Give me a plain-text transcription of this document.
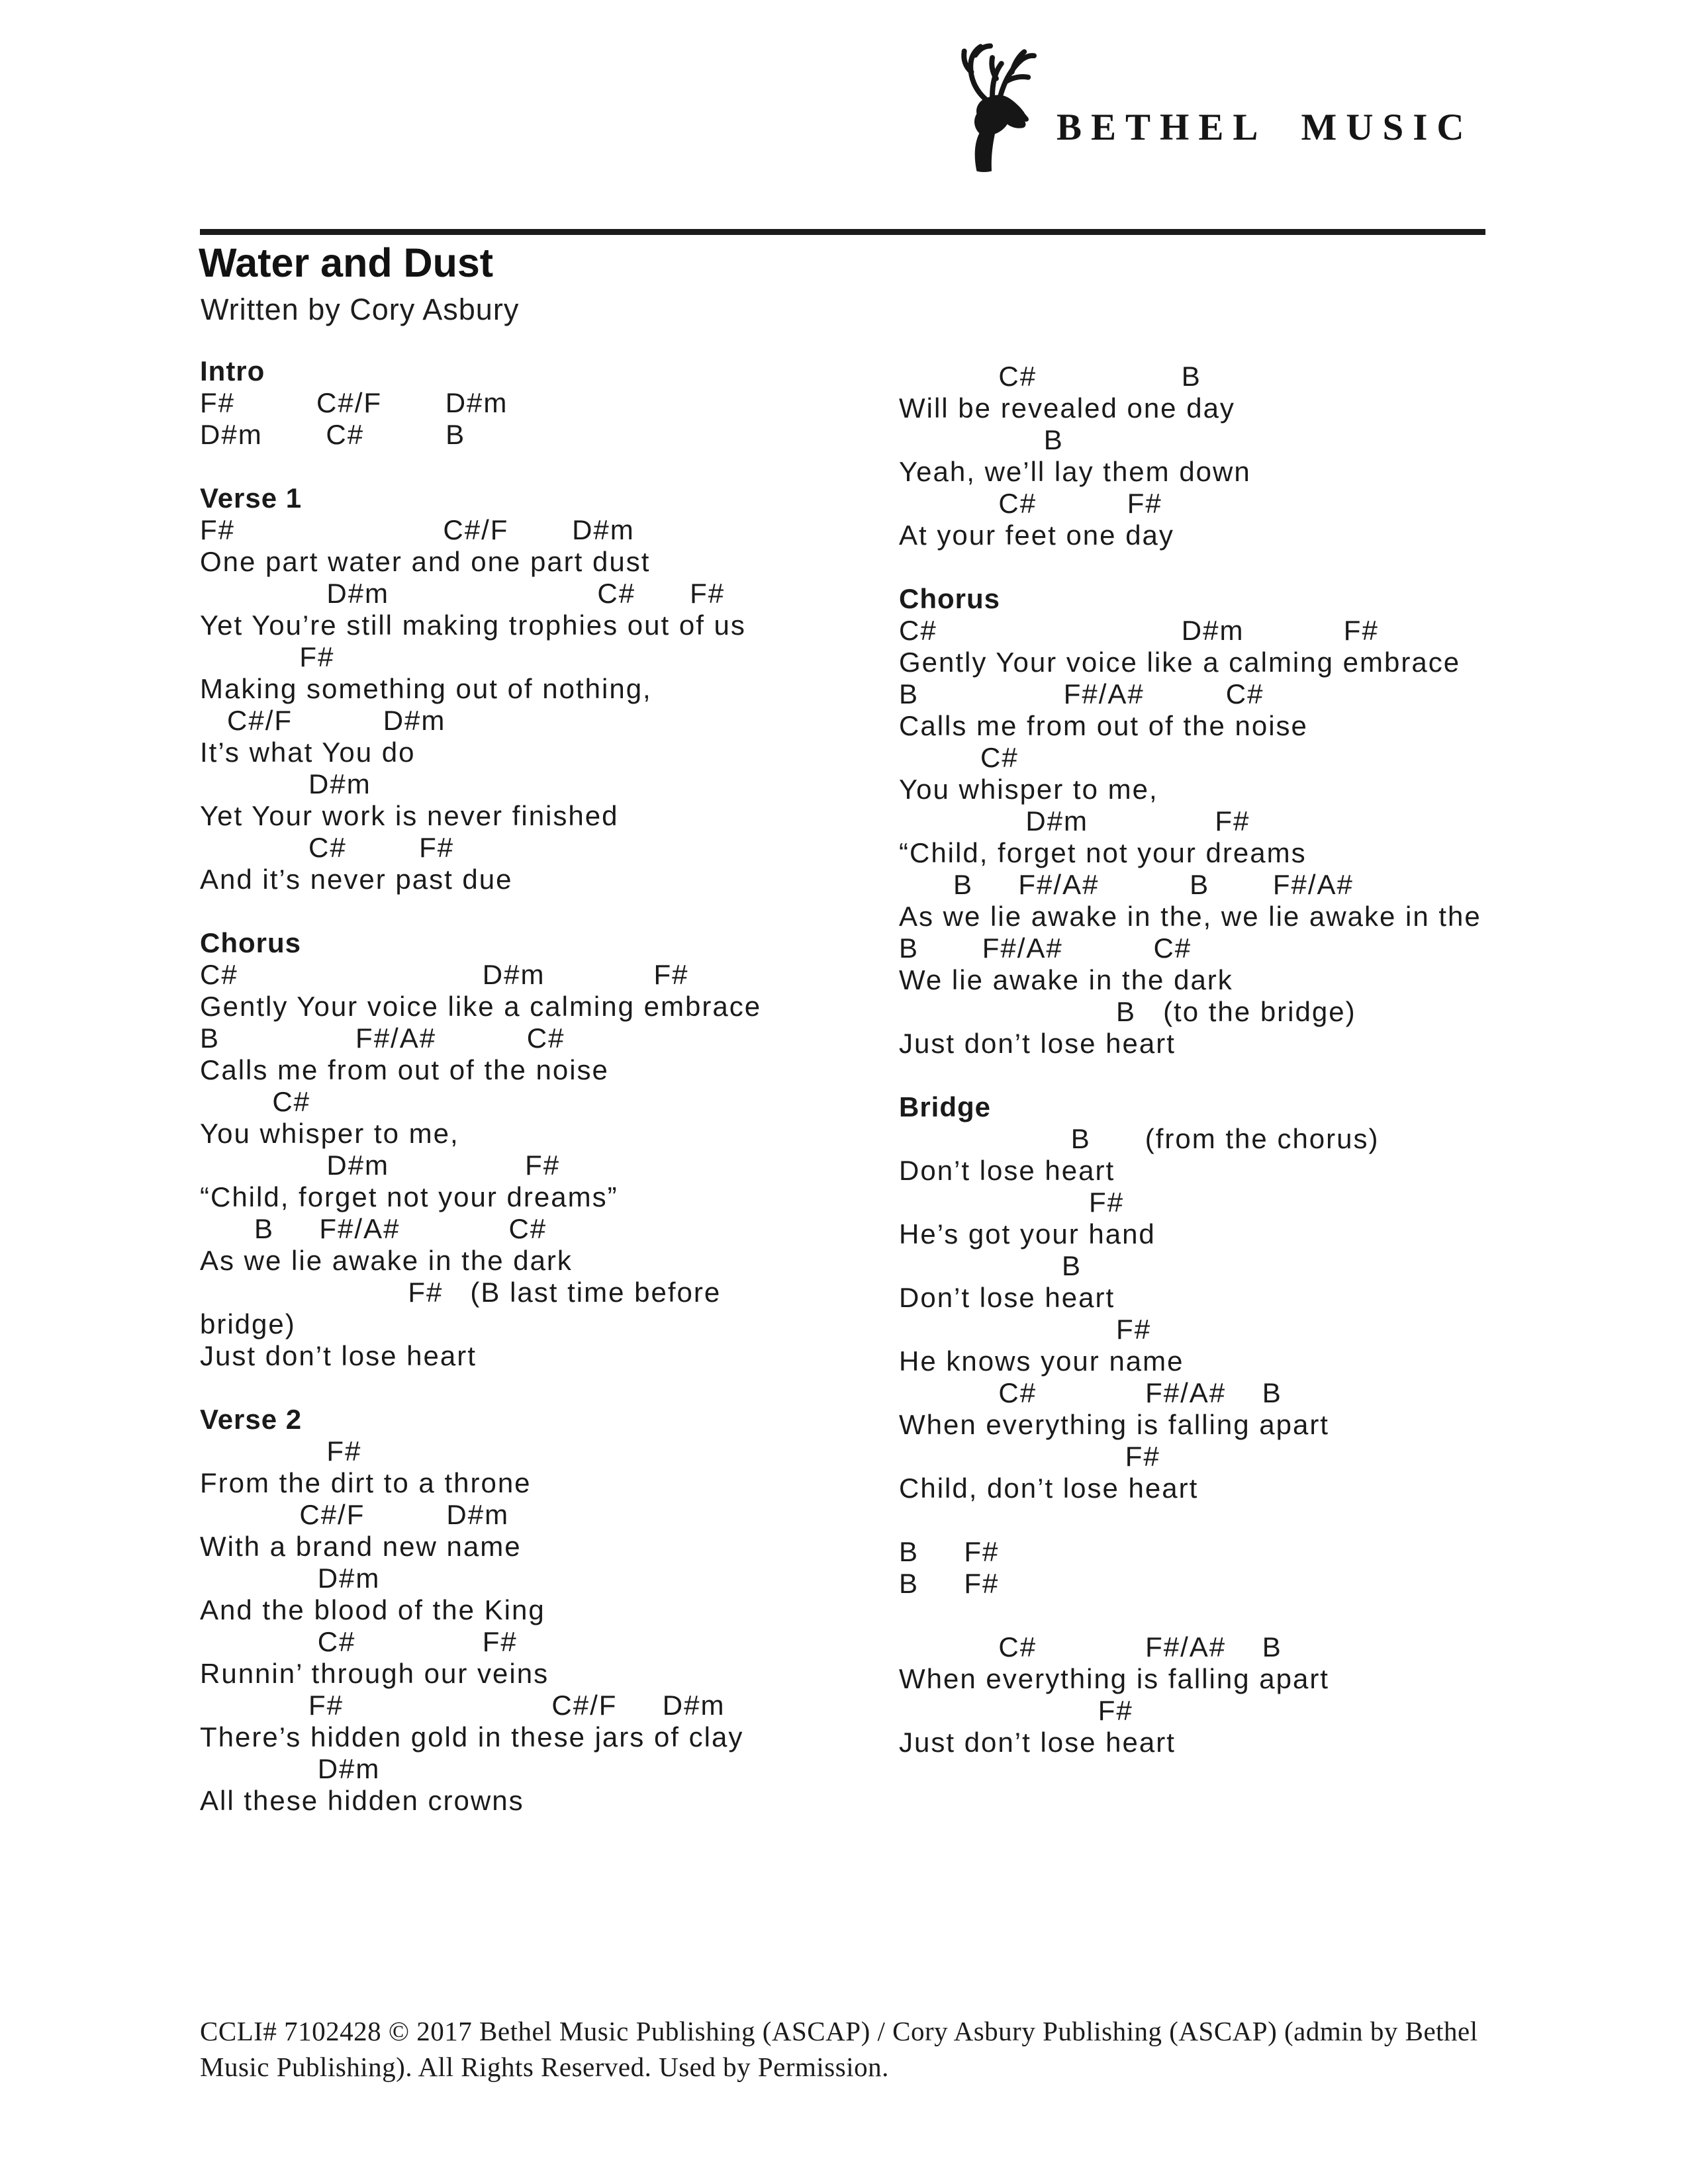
BETHEL MUSIC
Water and Dust
Written by Cory Asbury
Intro
F#         C#/F       D#m
D#m       C#         B

Verse 1
F#                       C#/F       D#m
One part water and one part dust
D#m                       C#      F#
Yet You’re still making trophies out of us
F#
Making something out of nothing,
C#/F          D#m
It’s what You do
D#m
Yet Your work is never finished
C#        F#
And it’s never past due

Chorus
C#                           D#m            F#
Gently Your voice like a calming embrace
B               F#/A#          C#
Calls me from out of the noise
C#
You whisper to me,
D#m               F#
“Child, forget not your dreams”
B     F#/A#            C#
As we lie awake in the dark
F#   (B last time before
bridge)
Just don’t lose heart

Verse 2
F#
From the dirt to a throne
C#/F         D#m
With a brand new name
D#m
And the blood of the King
C#              F#
Runnin’ through our veins
F#                       C#/F     D#m
There’s hidden gold in these jars of clay
D#m
All these hidden crowns
C#                B
Will be revealed one day
B
Yeah, we’ll lay them down
C#          F#
At your feet one day

Chorus
C#                           D#m           F#
Gently Your voice like a calming embrace
B                F#/A#         C#
Calls me from out of the noise
C#
You whisper to me,
D#m              F#
“Child, forget not your dreams
B     F#/A#          B       F#/A#
As we lie awake in the, we lie awake in the
B       F#/A#          C#
We lie awake in the dark
B   (to the bridge)
Just don’t lose heart

Bridge
B      (from the chorus)
Don’t lose heart
F#
He’s got your hand
B
Don’t lose heart
F#
He knows your name
C#            F#/A#    B
When everything is falling apart
F#
Child, don’t lose heart

B     F#
B     F#

C#            F#/A#    B
When everything is falling apart
F#
Just don’t lose heart
CCLI# 7102428 © 2017 Bethel Music Publishing (ASCAP) / Cory Asbury Publishing (ASCAP) (admin by Bethel
Music Publishing). All Rights Reserved. Used by Permission.
